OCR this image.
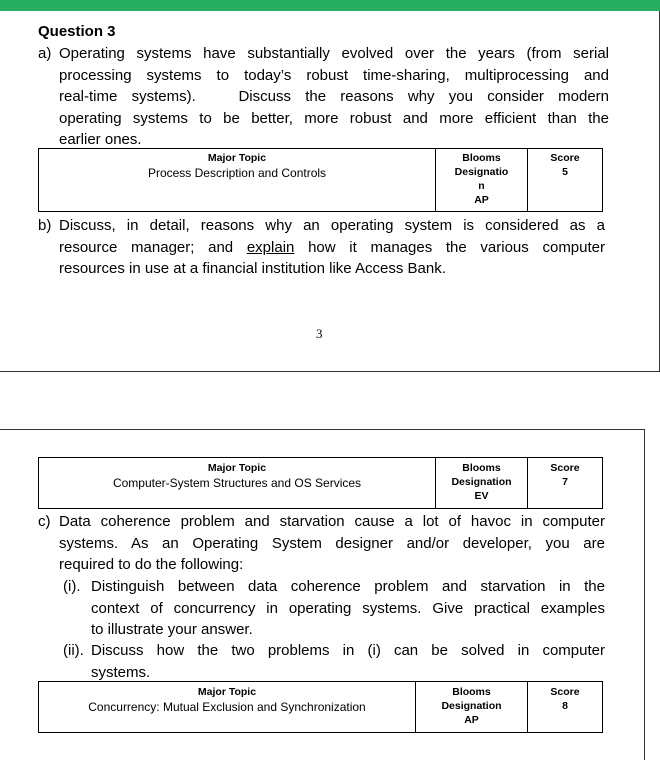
Question 3
a) Operating systems have substantially evolved over the years (from serial
processing systems to today’s robust time-sharing, multiprocessing and
real-time systems).   Discuss the reasons why you consider modern
operating systems to be better, more robust and more efficient than the
earlier ones.
Major Topic
Process Description and Controls
Blooms
Designatio
n
AP
Score
5
b) Discuss, in detail, reasons why an operating system is considered as a
resource manager; and explain how it manages the various computer
resources in use at a financial institution like Access Bank.
3
Major Topic
Computer-System Structures and OS Services
Blooms
Designation
EV
Score
7
c) Data coherence problem and starvation cause a lot of havoc in computer
systems. As an Operating System designer and/or developer, you are
required to do the following:
(i). Distinguish between data coherence problem and starvation in the
context of concurrency in operating systems. Give practical examples
to illustrate your answer.
(ii). Discuss how the two problems in (i) can be solved in computer
systems.
Major Topic
Concurrency: Mutual Exclusion and Synchronization
Blooms
Designation
AP
Score
8
